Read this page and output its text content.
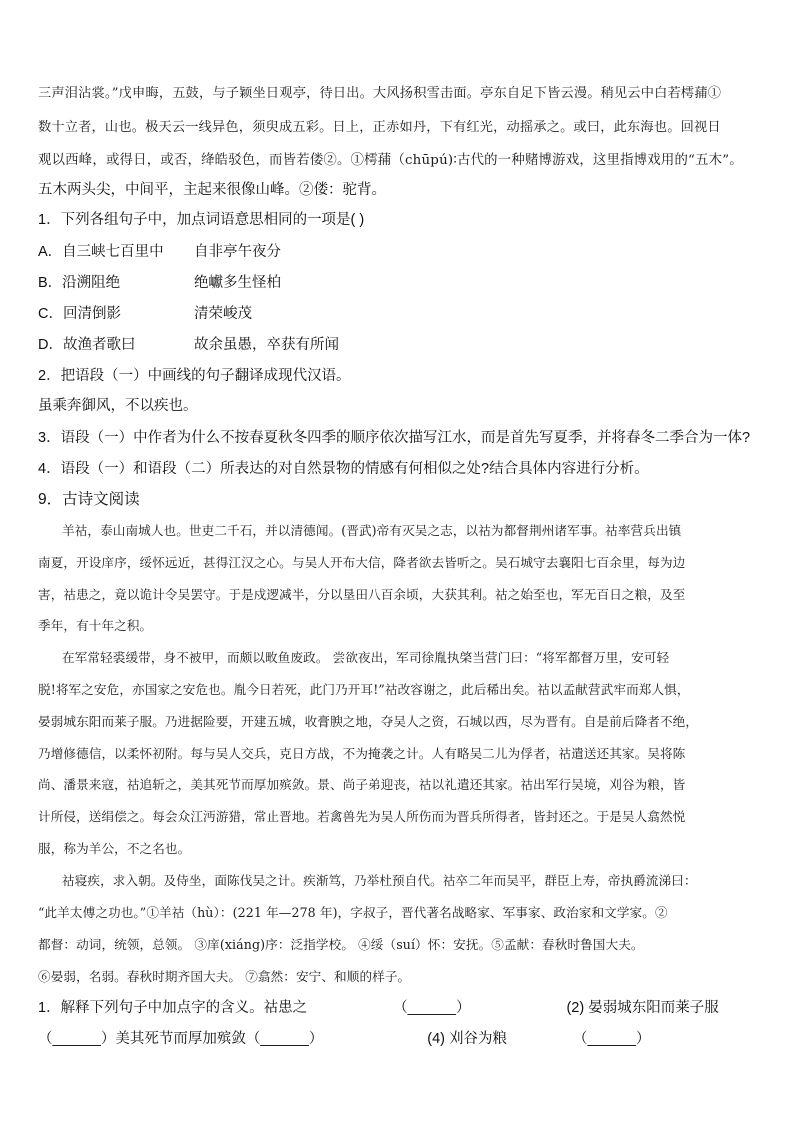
三声泪沾裳。”戊申晦，五鼓，与子颖坐日观亭，待日出。大风扬积雪击面。亭东自足下皆云漫。稍见云中白若樗蒱①
数十立者，山也。极天云一线异色，须臾成五彩。日上，正赤如丹，下有红光，动摇承之。或曰，此东海也。回视日
观以西峰，或得日，或否，绛皓驳色，而皆若偻②。①樗蒱（chūpú)∶古代的一种赌博游戏，这里指博戏用的“五木”。
五木两头尖，中间平，主起来很像山峰。②偻：驼背。
1．下列各组句子中，加点词语意思相同的一项是( )
A．自三峡七百里中 自非亭午夜分
B．沿溯阻绝	绝巘多生怪柏
C．回清倒影	清荣峻茂
D．故渔者歌曰	故余虽愚，卒获有所闻
2．把语段（一）中画线的句子翻译成现代汉语。
虽乘奔御风，不以疾也。
3．语段（一）中作者为什么不按春夏秋冬四季的顺序依次描写江水，而是首先写夏季，并将春冬二季合为一体?
4．语段（一）和语段（二）所表达的对自然景物的情感有何相似之处?结合具体内容进行分析。
9．古诗文阅读
羊祜，泰山南城人也。世吏二千石，并以清德闻。(晋武)帝有灭吴之志，以祜为都督荆州诸军事。祜率营兵出镇
南夏，开设庠序，绥怀远近，甚得江汉之心。与吴人开布大信，降者欲去皆听之。吴石城守去襄阳七百余里，每为边
害，祜患之，竟以诡计令吴罢守。于是戍逻减半，分以垦田八百余顷，大获其利。祜之始至也，军无百日之粮，及至
季年，有十年之积。
在军常轻裘缓带，身不被甲，而颇以畋鱼废政。 尝欲夜出，军司徐胤执棨当营门曰：“将军都督万里，安可轻
脱!将军之安危，亦国家之安危也。胤今日若死，此门乃开耳!”祜改容谢之，此后稀出矣。祜以孟献营武牢而郑人惧，
晏弱城东阳而莱子服。乃进据险要，开建五城，收膏腴之地，夺吴人之资，石城以西，尽为晋有。自是前后降者不绝，
乃增修德信，以柔怀初附。每与吴人交兵，克日方战，不为掩袭之计。人有略吴二儿为俘者，祜遣送还其家。吴将陈
尚、潘景来寇，祜追斩之，美其死节而厚加殡敛。景、尚子弟迎丧，祜以礼遣还其家。祜出军行吴境，刈谷为粮，皆
计所侵，送绢偿之。每会众江沔游猎，常止晋地。若禽兽先为吴人所伤而为晋兵所得者，皆封还之。于是吴人翕然悦
服，称为羊公，不之名也。
祜寝疾，求入朝。及侍坐，面陈伐吴之计。疾渐笃，乃举杜预自代。祜卒二年而吴平，群臣上寿，帝执爵流涕曰：
“此羊太傅之功也。”①羊祜（hù）：(221 年—278 年)，字叔子，晋代著名战略家、军事家、政治家和文学家。②
都督：动词，统领，总领。 ③庠(xiáng)序：泛指学校。 ④绥（suí）怀：安抚。⑤孟献：春秋时鲁国大夫。
⑥晏弱，名弱。春秋时期齐国大夫。 ⑦翕然：安宁、和顺的样子。
1．解释下列句子中加点字的含义。祜患之	（______）	(2) 晏弱城东阳而莱子服
（______）美其死节而厚加殡敛（______）	(4) 刈谷为粮	（______）
